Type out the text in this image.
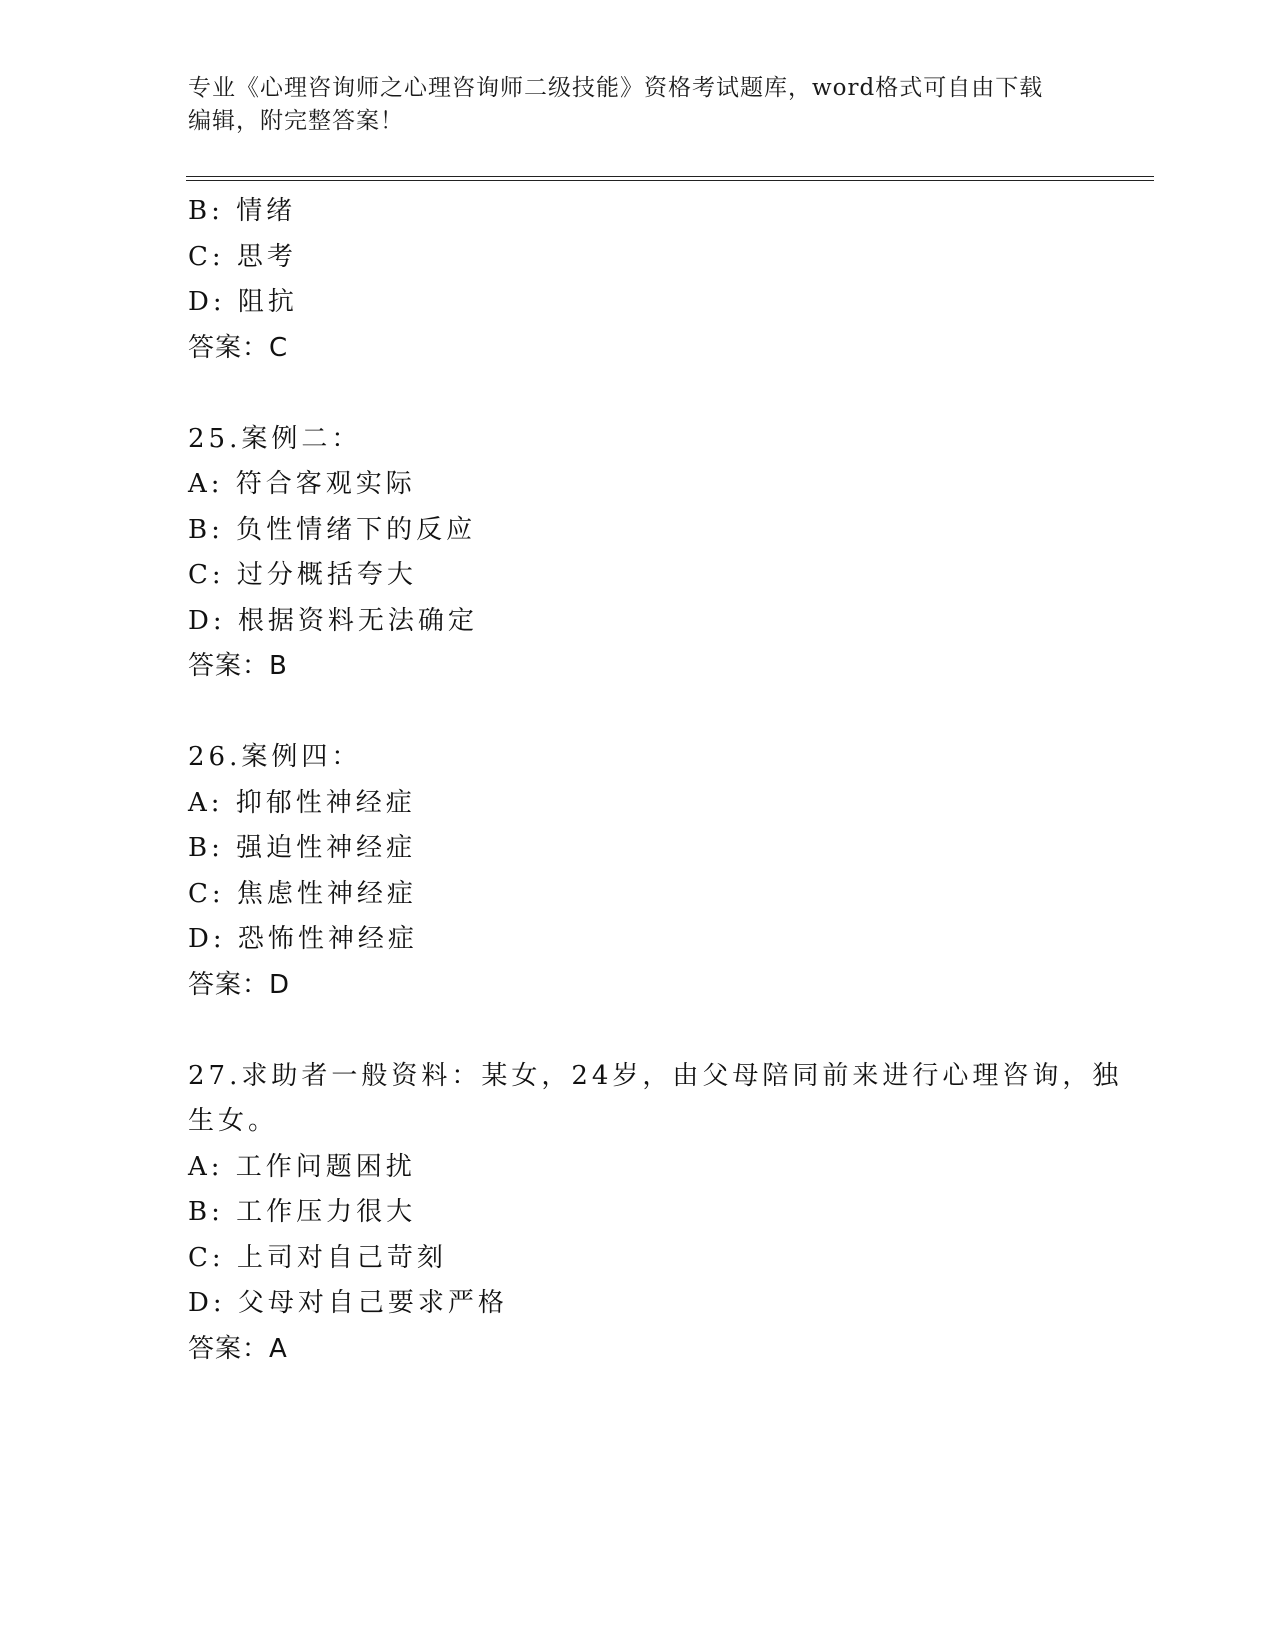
专业《心理咨询师之心理咨询师二级技能》资格考试题库，word格式可自由下载
编辑，附完整答案！
B: 情绪
C: 思考
D: 阻抗
答案：C
25.案例二：
A: 符合客观实际
B: 负性情绪下的反应
C: 过分概括夸大
D: 根据资料无法确定
答案：B
26.案例四：
A: 抑郁性神经症
B: 强迫性神经症
C: 焦虑性神经症
D: 恐怖性神经症
答案：D
27.求助者一般资料：某女，24岁，由父母陪同前来进行心理咨询，独
生女。
A: 工作问题困扰
B: 工作压力很大
C: 上司对自己苛刻
D: 父母对自己要求严格
答案：A
